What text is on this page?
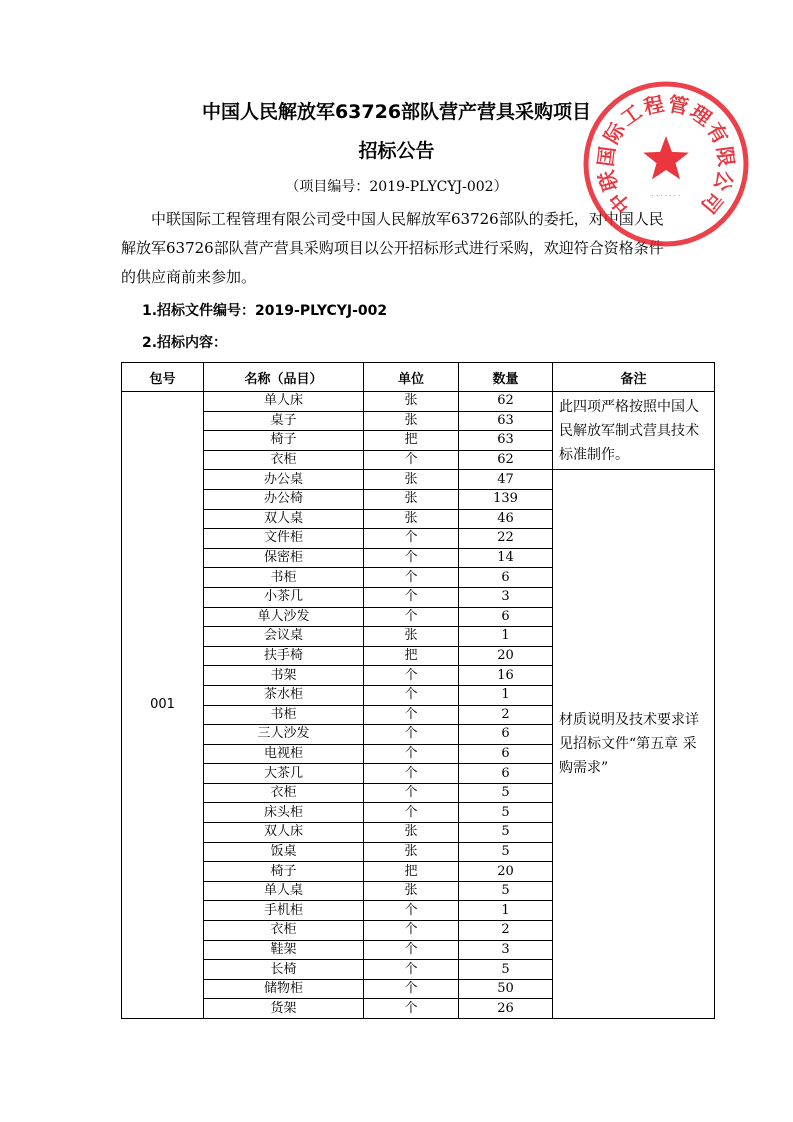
中国人民解放军63726部队营产营具采购项目
招标公告
（项目编号：2019-PLYCYJ-002）
中联国际工程管理有限公司受中国人民解放军63726部队的委托，对中国人民解放军63726部队营产营具采购项目以公开招标形式进行采购，欢迎符合资格条件的供应商前来参加。
1.招标文件编号：2019-PLYCYJ-002
2.招标内容：
包号	名称（品目）	单位	数量	备注
001	单人床	张	62	此四项严格按照中国人民解放军制式营具技术标准制作。
	桌子	张	63	
	椅子	把	63	
	衣柜	个	62	
	办公桌	张	47	材质说明及技术要求详见招标文件“第五章 采购需求”
	办公椅	张	139	
	双人桌	张	46	
	文件柜	个	22	
	保密柜	个	14	
	书柜	个	6	
	小茶几	个	3	
	单人沙发	个	6	
	会议桌	张	1	
	扶手椅	把	20	
	书架	个	16	
	茶水柜	个	1	
	书柜	个	2	
	三人沙发	个	6	
	电视柜	个	6	
	大茶几	个	6	
	衣柜	个	5	
	床头柜	个	5	
	双人床	张	5	
	饭桌	张	5	
	椅子	把	20	
	单人桌	张	5	
	手机柜	个	1	
	衣柜	个	2	
	鞋架	个	3	
	长椅	个	5	
	储物柜	个	50	
	货架	个	26	
中
联
国
际
工
程 管
理
有
限
公
司
· · · · · · ·
